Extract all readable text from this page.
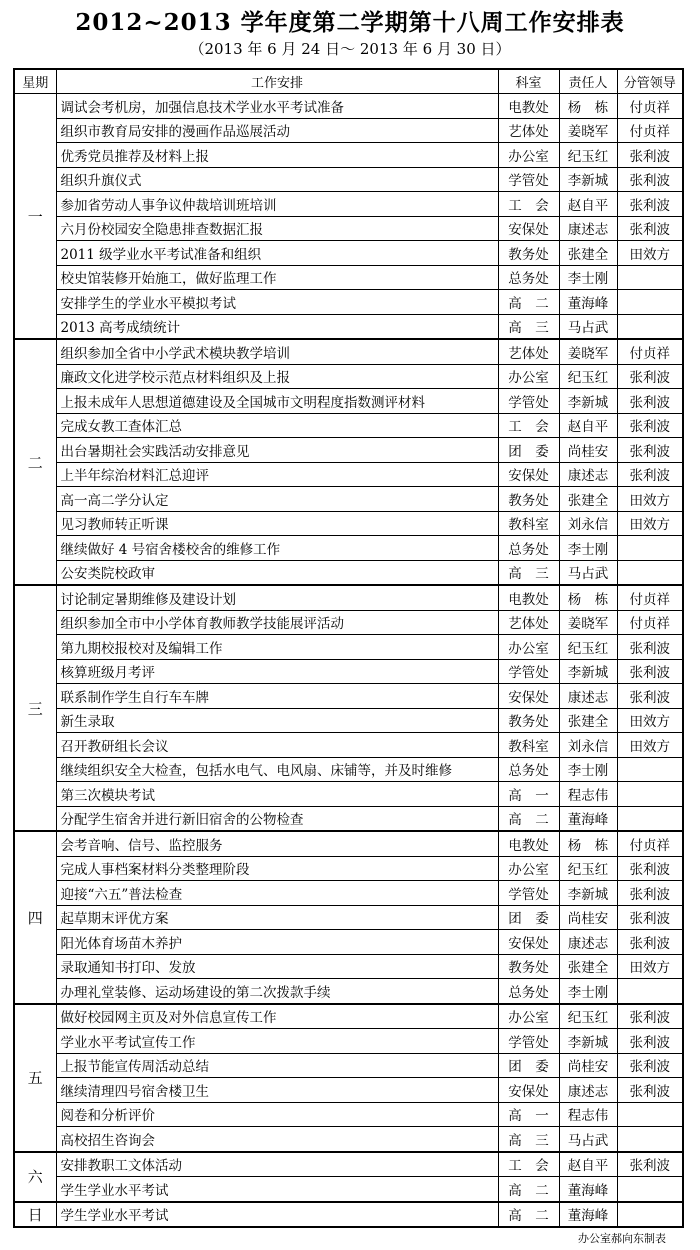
2012~2013 学年度第二学期第十八周工作安排表
（2013 年 6 月 24 日～ 2013 年 6 月 30 日）
星期	工作安排	科室	责任人	分管领导
一	调试会考机房，加强信息技术学业水平考试准备	电教处	杨　栋	付贞祥
	组织市教育局安排的漫画作品巡展活动	艺体处	姜晓军	付贞祥
	优秀党员推荐及材料上报	办公室	纪玉红	张利波
	组织升旗仪式	学管处	李新城	张利波
	参加省劳动人事争议仲裁培训班培训	工　会	赵自平	张利波
	六月份校园安全隐患排查数据汇报	安保处	康述志	张利波
	2011 级学业水平考试准备和组织	教务处	张建全	田效方
	校史馆装修开始施工，做好监理工作	总务处	李士刚	
	安排学生的学业水平模拟考试	高　二	董海峰	
	2013 高考成绩统计	高　三	马占武	
二	组织参加全省中小学武术模块教学培训	艺体处	姜晓军	付贞祥
	廉政文化进学校示范点材料组织及上报	办公室	纪玉红	张利波
	上报未成年人思想道德建设及全国城市文明程度指数测评材料	学管处	李新城	张利波
	完成女教工查体汇总	工　会	赵自平	张利波
	出台暑期社会实践活动安排意见	团　委	尚桂安	张利波
	上半年综治材料汇总迎评	安保处	康述志	张利波
	高一高二学分认定	教务处	张建全	田效方
	见习教师转正听课	教科室	刘永信	田效方
	继续做好 4 号宿舍楼校舍的维修工作	总务处	李士刚	
	公安类院校政审	高　三	马占武	
三	讨论制定暑期维修及建设计划	电教处	杨　栋	付贞祥
	组织参加全市中小学体育教师教学技能展评活动	艺体处	姜晓军	付贞祥
	第九期校报校对及编辑工作	办公室	纪玉红	张利波
	核算班级月考评	学管处	李新城	张利波
	联系制作学生自行车车牌	安保处	康述志	张利波
	新生录取	教务处	张建全	田效方
	召开教研组长会议	教科室	刘永信	田效方
	继续组织安全大检查，包括水电气、电风扇、床铺等，并及时维修	总务处	李士刚	
	第三次模块考试	高　一	程志伟	
	分配学生宿舍并进行新旧宿舍的公物检查	高　二	董海峰	
四	会考音响、信号、监控服务	电教处	杨　栋	付贞祥
	完成人事档案材料分类整理阶段	办公室	纪玉红	张利波
	迎接“六五”普法检查	学管处	李新城	张利波
	起草期末评优方案	团　委	尚桂安	张利波
	阳光体育场苗木养护	安保处	康述志	张利波
	录取通知书打印、发放	教务处	张建全	田效方
	办理礼堂装修、运动场建设的第二次拨款手续	总务处	李士刚	
五	做好校园网主页及对外信息宣传工作	办公室	纪玉红	张利波
	学业水平考试宣传工作	学管处	李新城	张利波
	上报节能宣传周活动总结	团　委	尚桂安	张利波
	继续清理四号宿舍楼卫生	安保处	康述志	张利波
	阅卷和分析评价	高　一	程志伟	
	高校招生咨询会	高　三	马占武	
六	安排教职工文体活动	工　会	赵自平	张利波
	学生学业水平考试	高　二	董海峰	
日	学生学业水平考试	高　二	董海峰	
办公室郝向东制表
